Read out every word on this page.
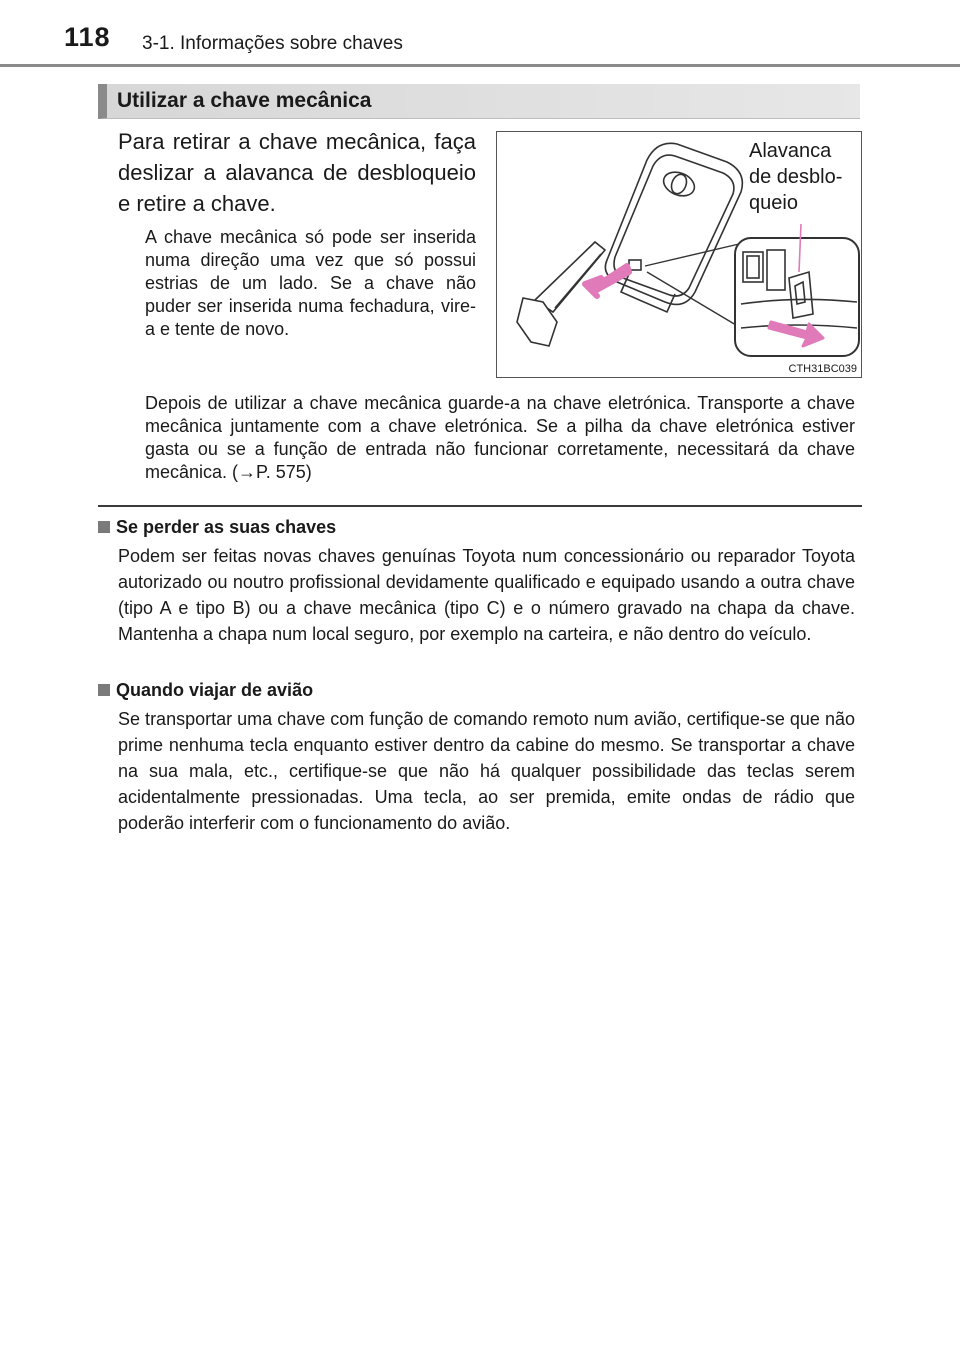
118 3-1. Informações sobre chaves
Utilizar a chave mecânica
Para retirar a chave mecânica, faça deslizar a alavanca de desbloqueio e retire a chave.
A chave mecânica só pode ser inserida numa direção uma vez que só possui estrias de um lado. Se a chave não puder ser inserida numa fechadura, vire-a e tente de novo.
Alavanca
de desblo-
queio
CTH31BC039
Depois de utilizar a chave mecânica guarde-a na chave eletrónica. Transporte a chave mecânica juntamente com a chave eletrónica. Se a pilha da chave eletrónica estiver gasta ou se a função de entrada não funcionar corretamente, necessitará da chave mecânica. (→P. 575)
Se perder as suas chaves
Podem ser feitas novas chaves genuínas Toyota num concessionário ou reparador Toyota autorizado ou noutro profissional devidamente qualificado e equipado usando a outra chave (tipo A e tipo B) ou a chave mecânica (tipo C) e o número gravado na chapa da chave. Mantenha a chapa num local seguro, por exemplo na carteira, e não dentro do veículo.
Quando viajar de avião
Se transportar uma chave com função de comando remoto num avião, certifique-se que não prime nenhuma tecla enquanto estiver dentro da cabine do mesmo. Se transportar a chave na sua mala, etc., certifique-se que não há qualquer possibilidade das teclas serem acidentalmente pressionadas. Uma tecla, ao ser premida, emite ondas de rádio que poderão interferir com o funcionamento do avião.
